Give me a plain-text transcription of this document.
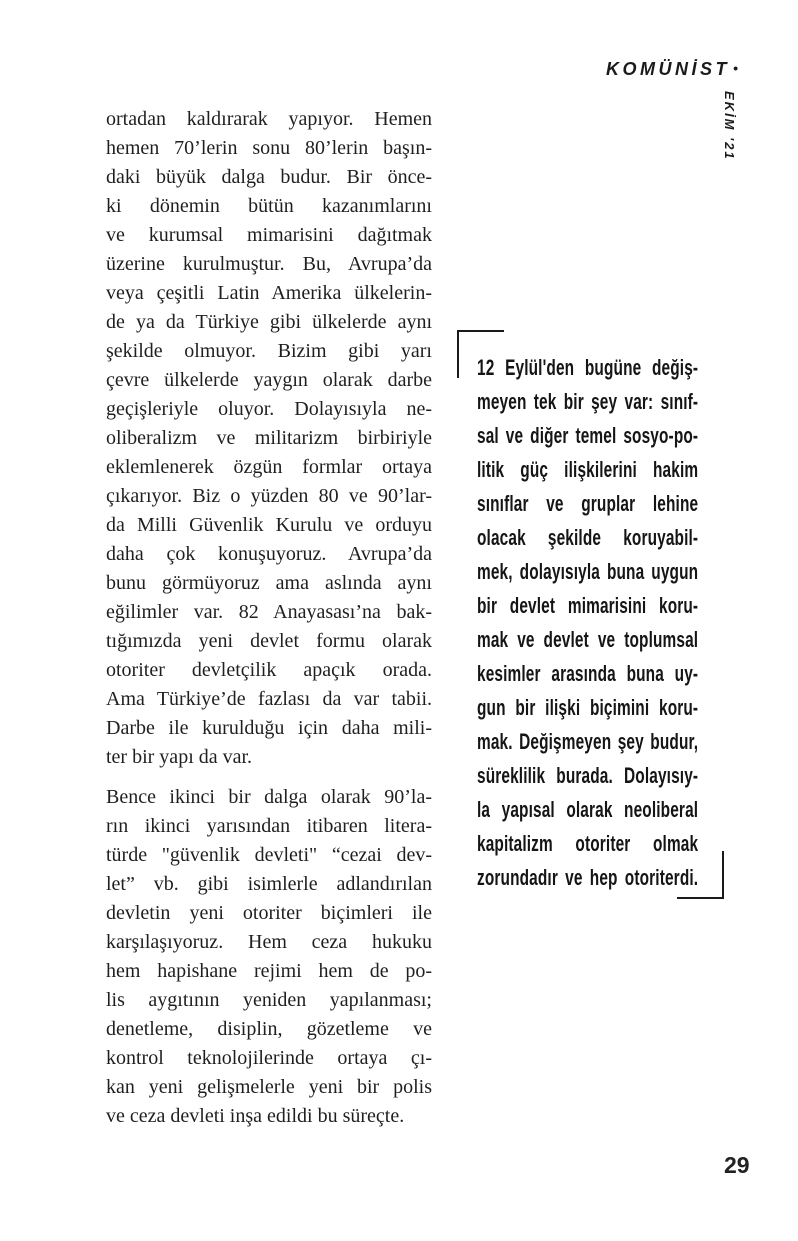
KOMÜNİST •
EKİM '21
ortadan kaldırarak yapıyor. Hemen
hemen 70’lerin sonu 80’lerin başın-
daki büyük dalga budur. Bir önce-
ki dönemin bütün kazanımlarını
ve kurumsal mimarisini dağıtmak
üzerine kurulmuştur. Bu, Avrupa’da
veya çeşitli Latin Amerika ülkelerin-
de ya da Türkiye gibi ülkelerde aynı
şekilde olmuyor. Bizim gibi yarı
çevre ülkelerde yaygın olarak darbe
geçişleriyle oluyor. Dolayısıyla ne-
oliberalizm ve militarizm birbiriyle
eklemlenerek özgün formlar ortaya
çıkarıyor. Biz o yüzden 80 ve 90’lar-
da Milli Güvenlik Kurulu ve orduyu
daha çok konuşuyoruz. Avrupa’da
bunu görmüyoruz ama aslında aynı
eğilimler var. 82 Anayasası’na bak-
tığımızda yeni devlet formu olarak
otoriter devletçilik apaçık orada.
Ama Türkiye’de fazlası da var tabii.
Darbe ile kurulduğu için daha mili-
ter bir yapı da var.
Bence ikinci bir dalga olarak 90’la-
rın ikinci yarısından itibaren litera-
türde "güvenlik devleti" “cezai dev-
let” vb. gibi isimlerle adlandırılan
devletin yeni otoriter biçimleri ile
karşılaşıyoruz. Hem ceza hukuku
hem hapishane rejimi hem de po-
lis aygıtının yeniden yapılanması;
denetleme, disiplin, gözetleme ve
kontrol teknolojilerinde ortaya çı-
kan yeni gelişmelerle yeni bir polis
ve ceza devleti inşa edildi bu süreçte.
12 Eylül'den bugüne değiş-
meyen tek bir şey var: sınıf-
sal ve diğer temel sosyo-po-
litik güç ilişkilerini hakim
sınıflar ve gruplar lehine
olacak şekilde koruyabil-
mek, dolayısıyla buna uygun
bir devlet mimarisini koru-
mak ve devlet ve toplumsal
kesimler arasında buna uy-
gun bir ilişki biçimini koru-
mak. Değişmeyen şey budur,
süreklilik burada. Dolayısıy-
la yapısal olarak neoliberal
kapitalizm otoriter olmak
zorundadır ve hep otoriterdi.
29
